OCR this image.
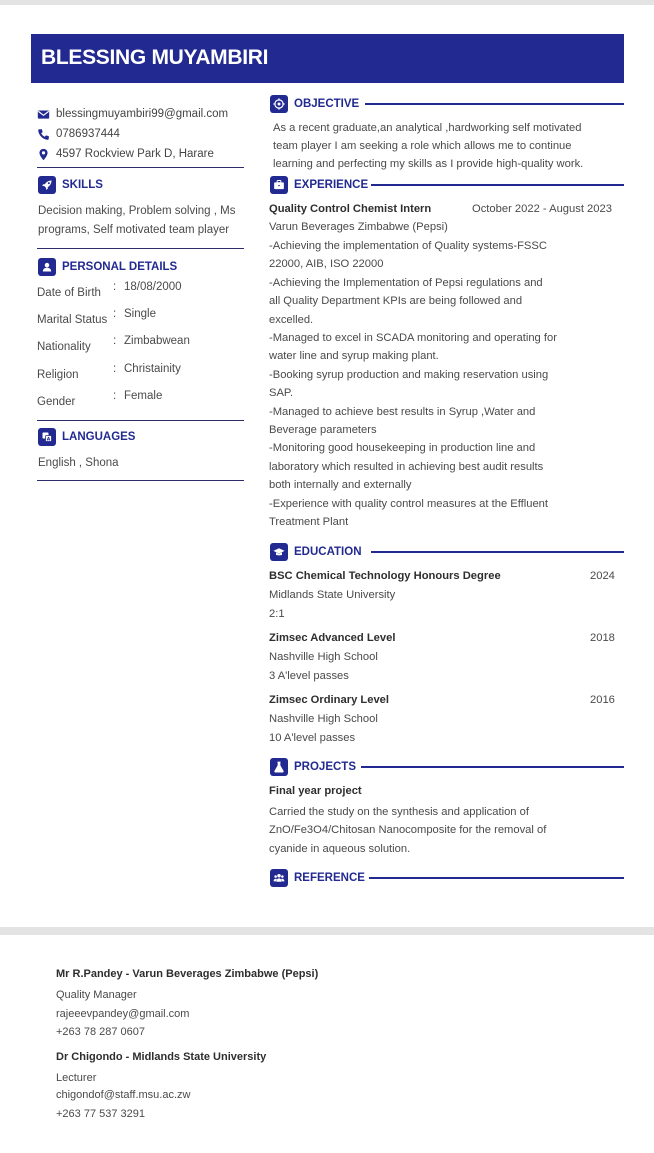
BLESSING MUYAMBIRI
blessingmuyambiri99@gmail.com
0786937444
4597 Rockview Park D, Harare
SKILLS
Decision making, Problem solving , Ms
programs, Self motivated team player
PERSONAL DETAILS
Date of Birth : 18/08/2000
Marital Status : Single
Nationality : Zimbabwean
Religion	: Christainity
Gender	: Female
A LANGUAGES
English , Shona
OBJECTIVE
As a recent graduate,an analytical ,hardworking self motivated
team player I am seeking a role which allows me to continue
learning and perfecting my skills as I provide high-quality work.
EXPERIENCE
Quality Control Chemist Intern	October 2022 - August 2023
Varun Beverages Zimbabwe (Pepsi)
-Achieving the implementation of Quality systems-FSSC
22000, AIB, ISO 22000
-Achieving the Implementation of Pepsi regulations and
all Quality Department KPIs are being followed and
excelled.
-Managed to excel in SCADA monitoring and operating for
water line and syrup making plant.
-Booking syrup production and making reservation using
SAP.
-Managed to achieve best results in Syrup ,Water and
Beverage parameters
-Monitoring good housekeeping in production line and
laboratory which resulted in achieving best audit results
both internally and externally
-Experience with quality control measures at the Effluent
Treatment Plant
EDUCATION
BSC Chemical Technology Honours Degree	2024
Midlands State University
2:1
Zimsec Advanced Level	2018
Nashville High School
3 A'level passes
Zimsec Ordinary Level	2016
Nashville High School
10 A'level passes
PROJECTS
Final year project
Carried the study on the synthesis and application of
ZnO/Fe3O4/Chitosan Nanocomposite for the removal of
cyanide in aqueous solution.
REFERENCE
Mr R.Pandey - Varun Beverages Zimbabwe (Pepsi)
Quality Manager
rajeeevpandey@gmail.com
+263 78 287 0607
Dr Chigondo - Midlands State University
Lecturer
chigondof@staff.msu.ac.zw
+263 77 537 3291
